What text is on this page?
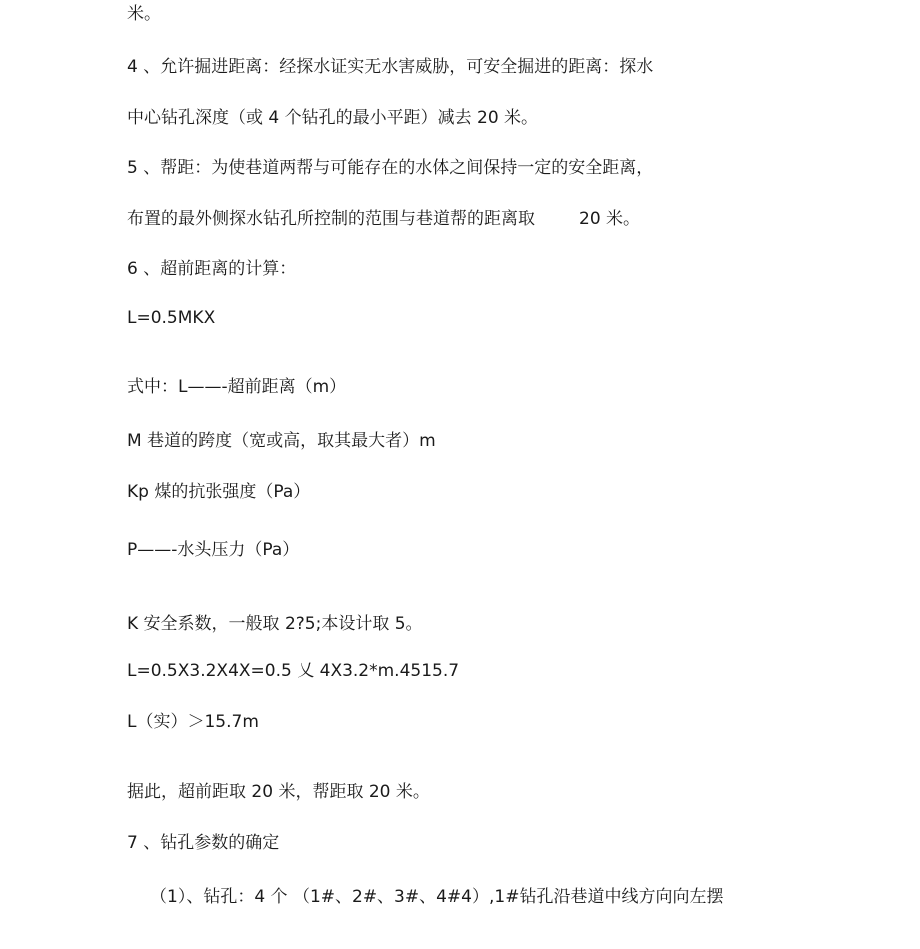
米。

4 、允许掘进距离：经探水证实无水害威胁，可安全掘进的距离：探水

中心钻孔深度（或 4 个钻孔的最小平距）减去 20 米。

5 、帮距：为使巷道两帮与可能存在的水体之间保持一定的安全距离，

布置的最外侧探水钻孔所控制的范围与巷道帮的距离取	20 米。

6 、超前距离的计算：

L=0.5MKX

式中：L——-超前距离（m）

M 巷道的跨度（宽或高，取其最大者）m

Kp 煤的抗张强度（Pa）

P——-水头压力（Pa）

K 安全系数，一般取 2?5;本设计取 5。

L=0.5X3.2X4X=0.5 乂 4X3.2*m.4515.7

L（实）＞15.7m

据此，超前距取 20 米，帮距取 20 米。

7 、钻孔参数的确定

（1）、钻孔：4 个 （1#、2#、3#、4#4）,1#钻孔沿巷道中线方向向左摆
